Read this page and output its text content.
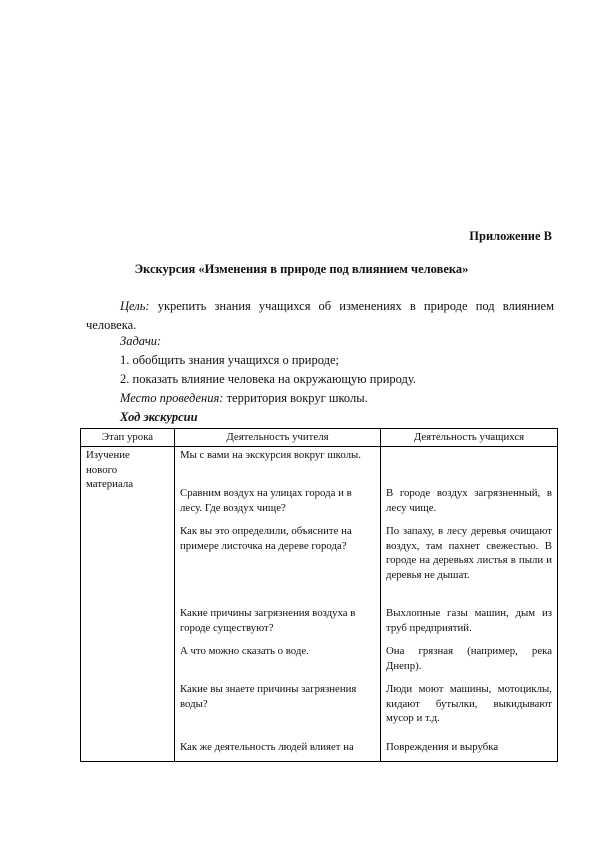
Приложение В
Экскурсия «Изменения в природе под влиянием человека»

Цель: укрепить знания учащихся об изменениях в природе под влиянием человека.

Задачи:
1. обобщить знания учащихся о природе;
2. показать влияние человека на окружающую природу.
Место проведения: территория вокруг школы.
Ход экскурсии
Этап урока	Деятельность учителя	Деятельность учащихся

Изучение нового материала	Мы с вами на экскурсия вокруг школы.	
	Сравним воздух на улицах города и в лесу. Где воздух чище?	В городе воздух загрязненный, в лесу чище.
	Как вы это определили, объясните на примере листочка на дереве города?	По запаху, в лесу деревья очищают воздух, там пахнет свежестью. В городе на деревьях листья в пыли и деревья не дышат.
	Какие причины загрязнения воздуха в городе существуют?	Выхлопные газы машин, дым из труб предприятий.
	А что можно сказать о воде.	Она грязная (например, река Днепр).
	Какие вы знаете причины загрязнения воды?	Люди моют машины, мотоциклы, кидают бутылки, выкидывают мусор и т.д.
	Как же деятельность людей влияет на	Повреждения и вырубка
